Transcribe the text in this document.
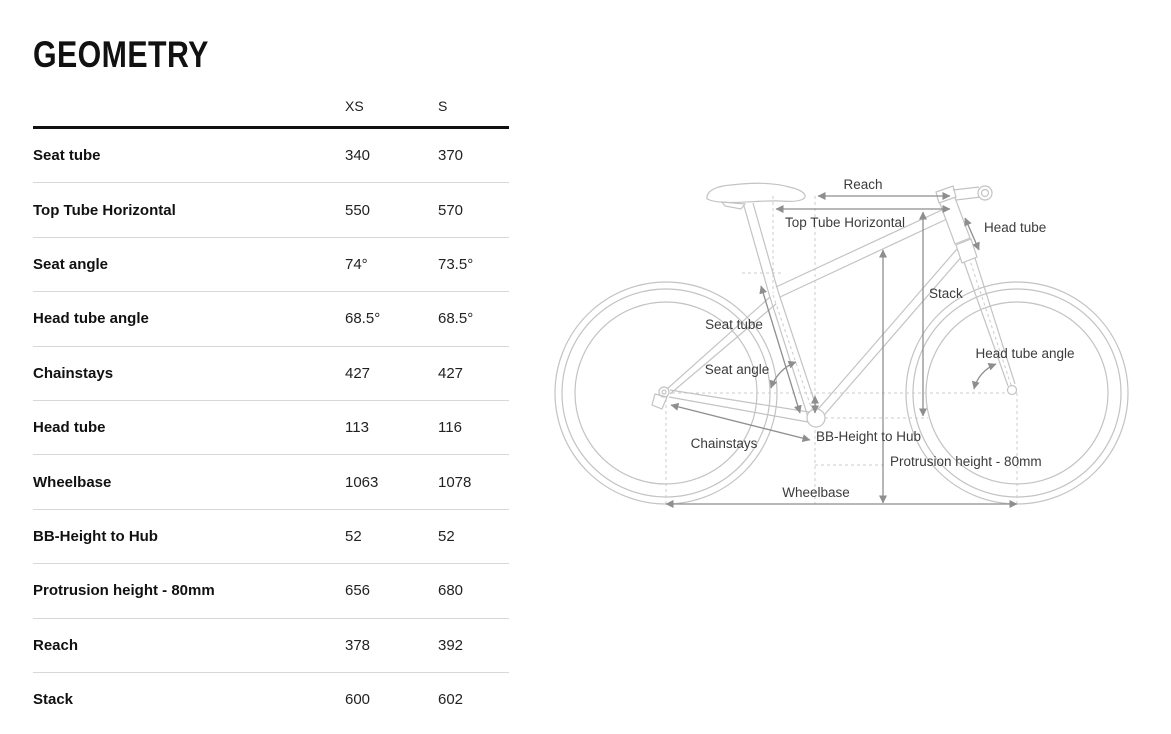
GEOMETRY
XS	S
Seat tube	340	370
Top Tube Horizontal	550	570
Seat angle	74°	73.5°
Head tube angle	68.5°	68.5°
Chainstays	427	427
Head tube	113	116
Wheelbase	1063	1078
BB-Height to Hub	52	52
Protrusion height - 80mm	656	680
Reach	378	392
Stack	600	602
Reach
Top Tube Horizontal	Head tube
Stack
Seat tube
Seat angle
Head tube angle
Chainstays	BB-Height to Hub
Protrusion height - 80mm
Wheelbase
